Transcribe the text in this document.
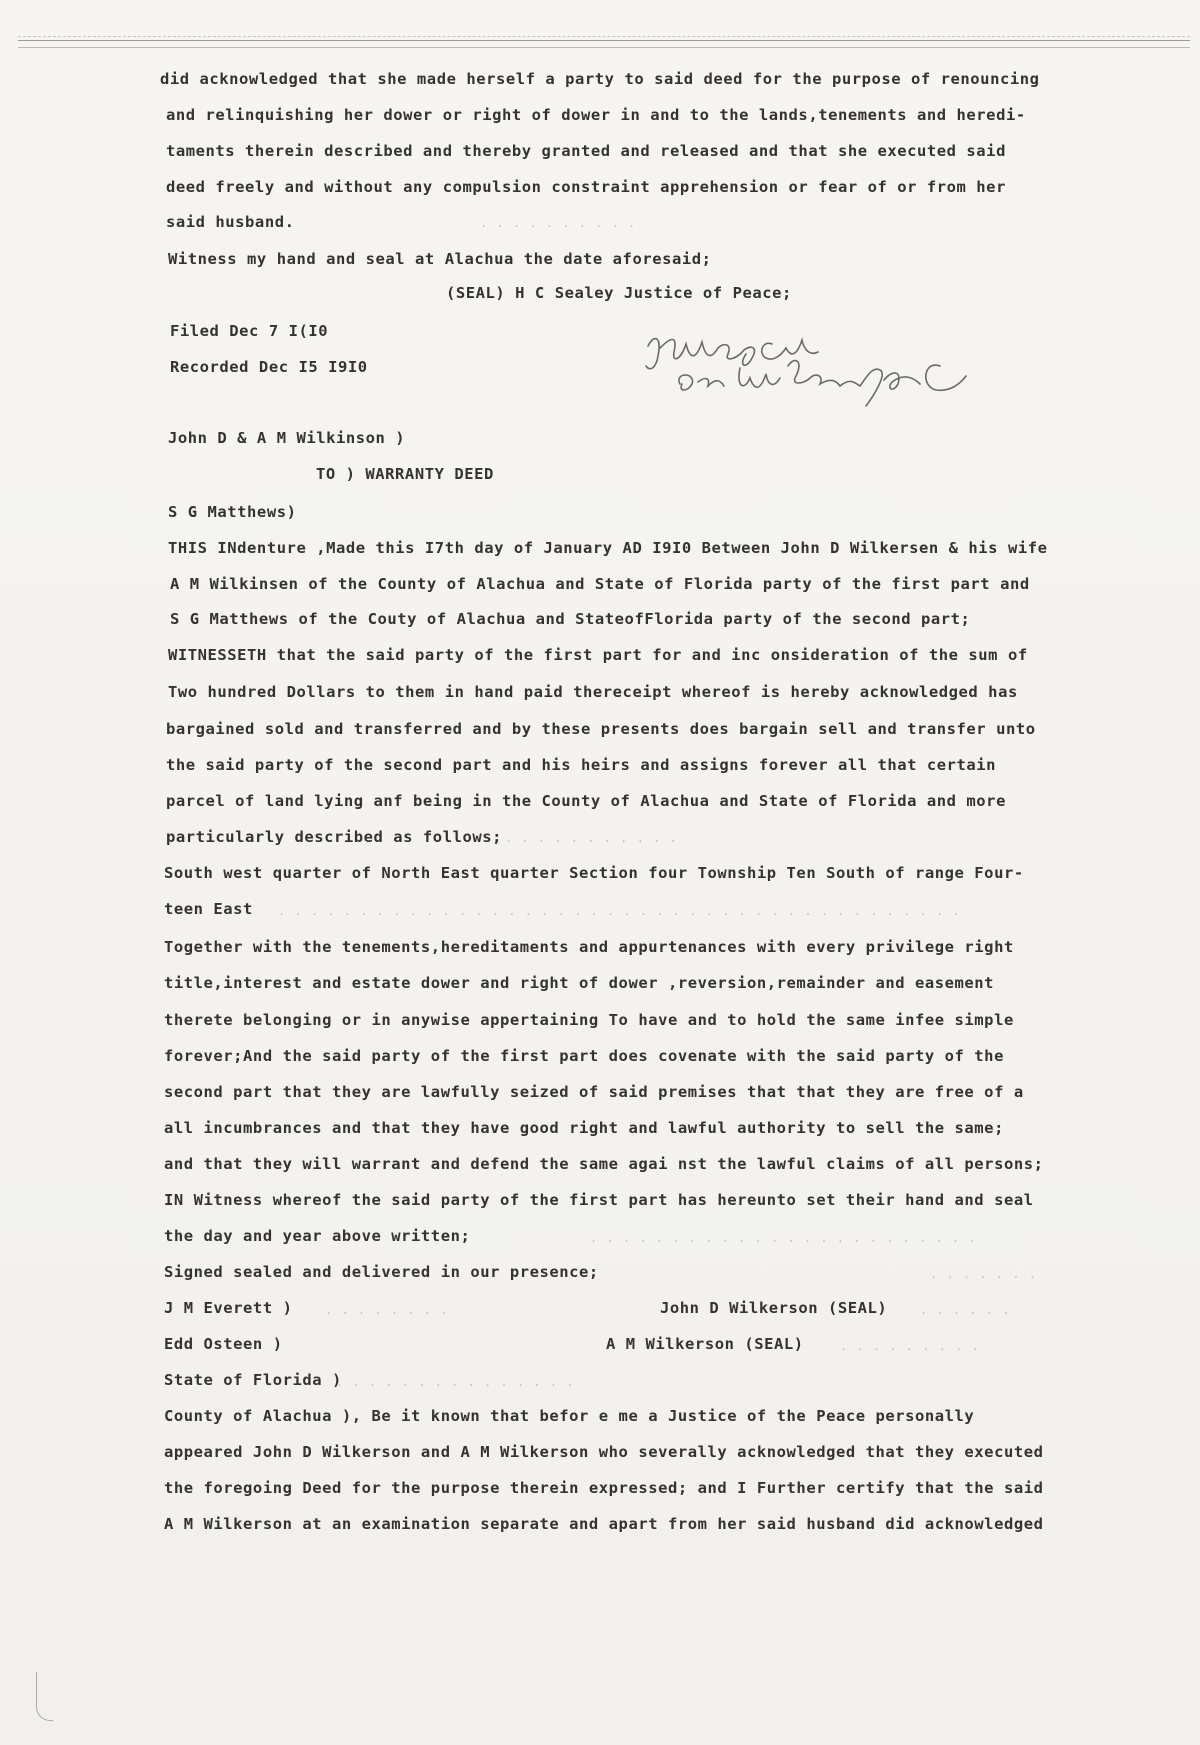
did acknowledged that she made herself a party to said deed for the purpose of renouncing
and relinquishing her dower or right of dower in and to the lands,tenements and heredi-
taments therein described and thereby granted and released and that she executed said
deed freely and without any compulsion constraint apprehension or fear of or from her
said husband.	. . . . . . . . . .
Witness my hand and seal at Alachua the date aforesaid;
(SEAL) H C Sealey Justice of Peace;
Filed Dec 7 I(I0
Recorded Dec I5 I9I0
J H Winegar Clerk By E H Wimberly DC
John D & A M Wilkinson )
TO ) WARRANTY DEED
S G Matthews)
THIS INdenture ,Made this I7th day of January AD I9I0 Between John D Wilkersen & his wife
A M Wilkinsen of the County of Alachua and State of Florida party of the first part and
S G Matthews of the Couty of Alachua and StateofFlorida party of the second part;
WITNESSETH that the said party of the first part for and inc onsideration of the sum of
Two hundred Dollars to them in hand paid thereceipt whereof is hereby acknowledged has
bargained sold and transferred and by these presents does bargain sell and transfer unto
the said party of the second part and his heirs and assigns forever all that certain
parcel of land lying anf being in the County of Alachua and State of Florida and more
particularly described as follows; . . . . . . . . . . .
South west quarter of North East quarter Section four Township Ten South of range Four-
teen East . . . . . . . . . . . . . . . . . . . . . . . . . . . . . . . . . . . . . . . . . .
Together with the tenements,hereditaments and appurtenances with every privilege right
title,interest and estate dower and right of dower ,reversion,remainder and easement
therete belonging or in anywise appertaining To have and to hold the same infee simple
forever;And the said party of the first part does covenate with the said party of the
second part that they are lawfully seized of said premises that that they are free of a
all incumbrances and that they have good right and lawful authority to sell the same;
and that they will warrant and defend the same agai nst the lawful claims of all persons;
IN Witness whereof the said party of the first part has hereunto set their hand and seal
the day and year above written;	. . . . . . . . . . . . . . . . . . . . . . . .
Signed sealed and delivered in our presence;	. . . . . . .
J M Everett )	. . . . . . . .	John D Wilkerson (SEAL)	. . . . . .
Edd Osteen )	A M Wilkerson (SEAL)	. . . . . . . . .
State of Florida )
. . . . . . . . . . . . . . .
County of Alachua ), Be it known that befor e me a Justice of the Peace personally
appeared John D Wilkerson and A M Wilkerson who severally acknowledged that they executed
the foregoing Deed for the purpose therein expressed; and I Further certify that the said
A M Wilkerson at an examination separate and apart from her said husband did acknowledged
